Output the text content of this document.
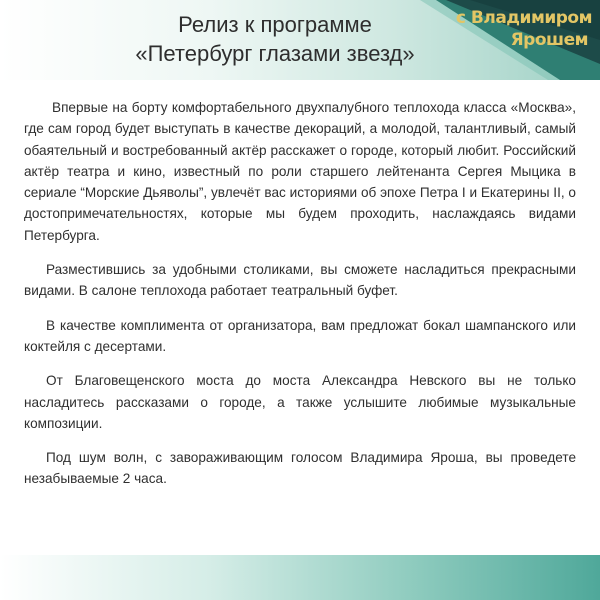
Релиз к программе
«Петербург глазами звезд»
с Владимиром
Ярошем

Впервые на борту комфортабельного двухпалубного теплохода класса «Москва», где сам город будет выступать в качестве декораций, а молодой, талантливый, самый обаятельный и востребованный актёр расскажет о городе, который любит. Российский актёр театра и кино, известный по роли старшего лейтенанта Сергея Мыцика в сериале “Морские Дьяволы”, увлечёт вас историями об эпохе Петра I и Екатерины II, о достопримечательностях, которые мы будем проходить, наслаждаясь видами Петербурга.

Разместившись за удобными столиками, вы сможете насладиться прекрасными видами. В салоне теплохода работает театральный буфет.

В качестве комплимента от организатора, вам предложат бокал шампанского или коктейля с десертами.

От Благовещенского моста до моста Александра Невского вы не только насладитесь рассказами о городе, а также услышите любимые музыкальные композиции.

Под шум волн, с завораживающим голосом Владимира Яроша, вы проведете незабываемые 2 часа.
